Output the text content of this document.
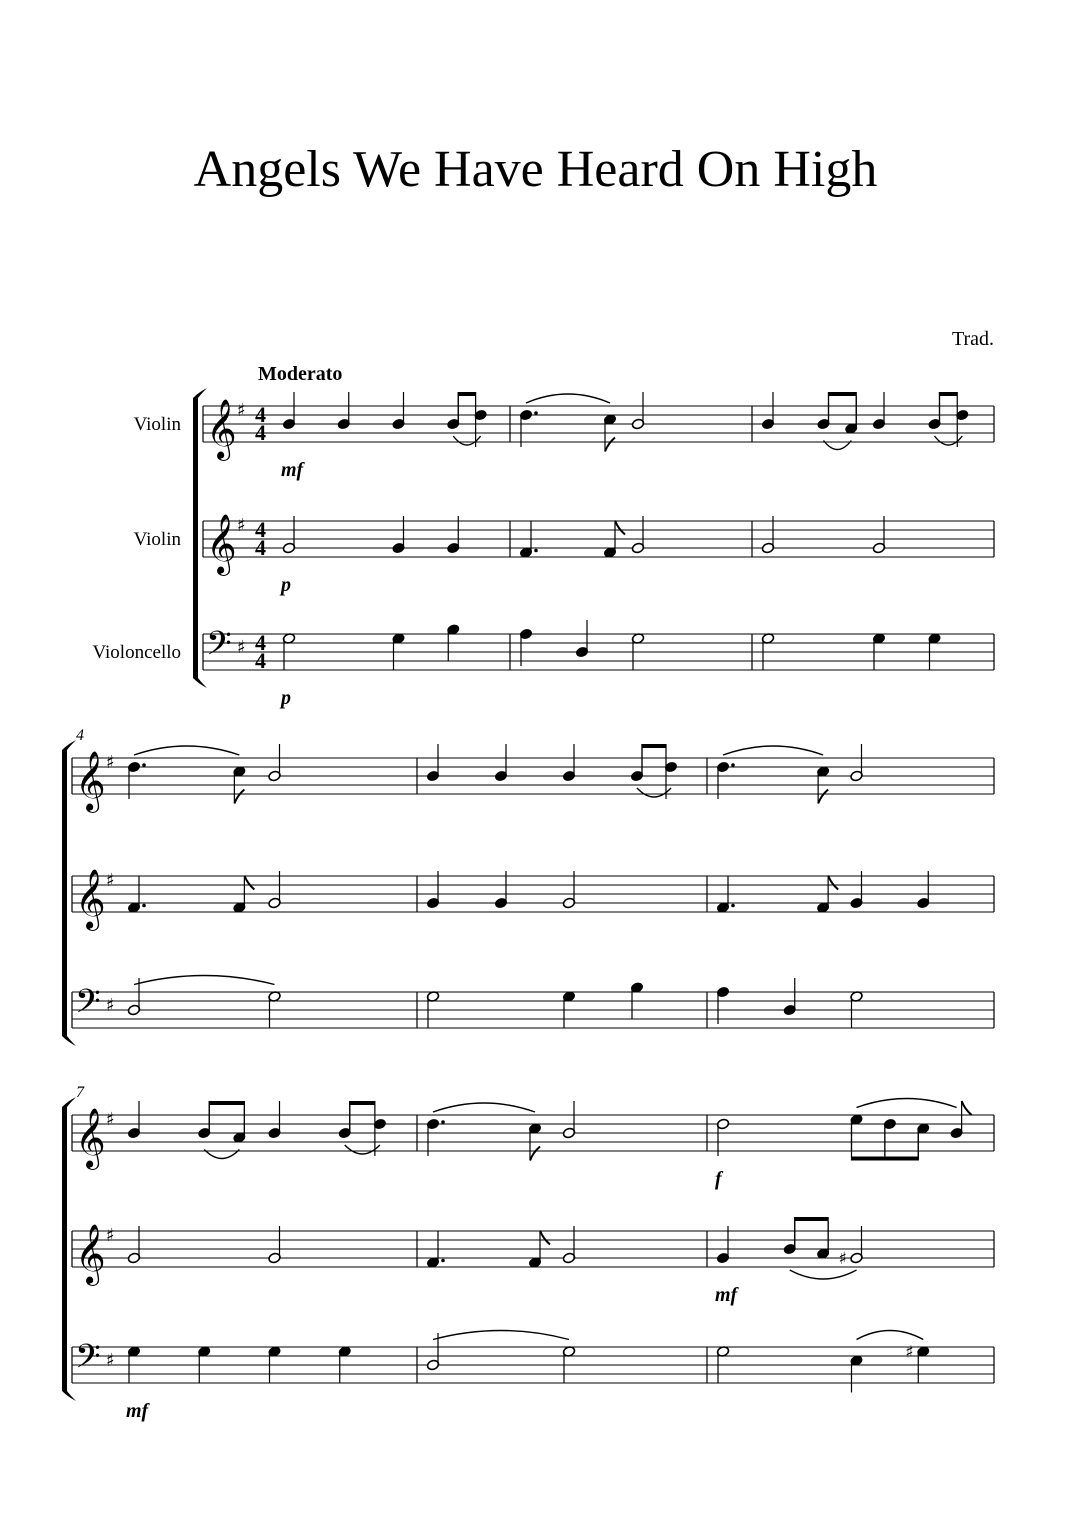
Angels We Have Heard On High
Trad.
Moderato
Violin 𝄞 ♯ 4
4
mf
Violin 𝄞 ♯ 4
4
p
Violoncello 𝄢 ♯ 4
4
p
4
𝄞 ♯
𝄞 ♯
𝄢 ♯
7
𝄞 ♯
f
𝄞 ♯
♯
mf
𝄢 ♯	♯
mf
